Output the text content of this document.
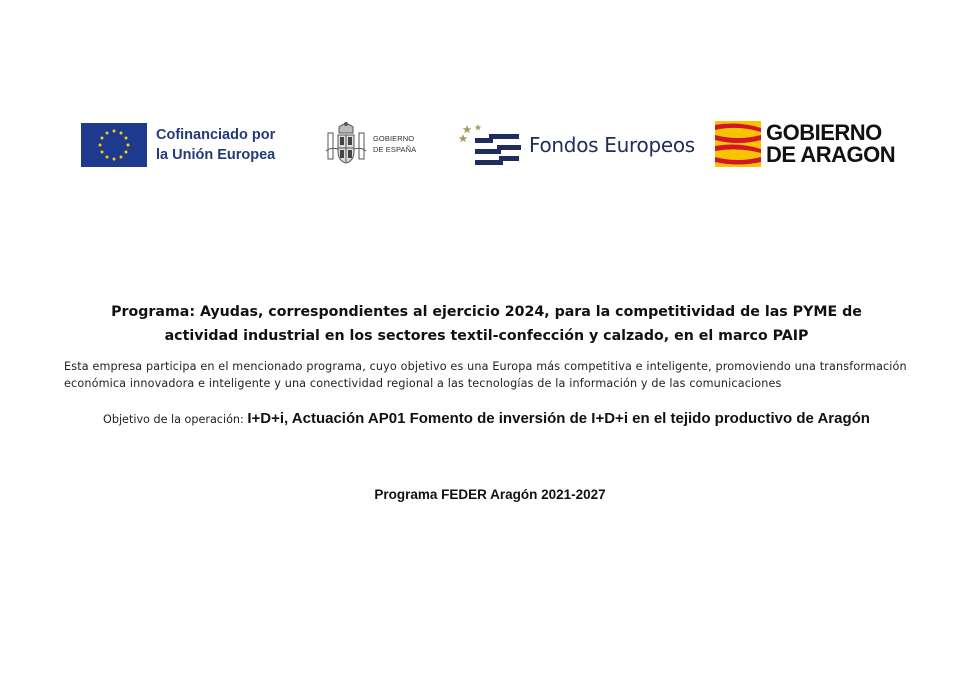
Cofinanciado por
la Unión Europea
GOBIERNO
DE ESPAÑA	Fondos Europeos	GOBIERNO
DE ARAGON
Programa: Ayudas, correspondientes al ejercicio 2024, para la competitividad de las PYME de
actividad industrial en los sectores textil-confección y calzado, en el marco PAIP
Esta empresa participa en el mencionado programa, cuyo objetivo es una Europa más competitiva e inteligente, promoviendo una transformación
económica innovadora e inteligente y una conectividad regional a las tecnologías de la información y de las comunicaciones
Objetivo de la operación: I+D+i, Actuación AP01 Fomento de inversión de I+D+i en el tejido productivo de Aragón
Programa FEDER Aragón 2021-2027
